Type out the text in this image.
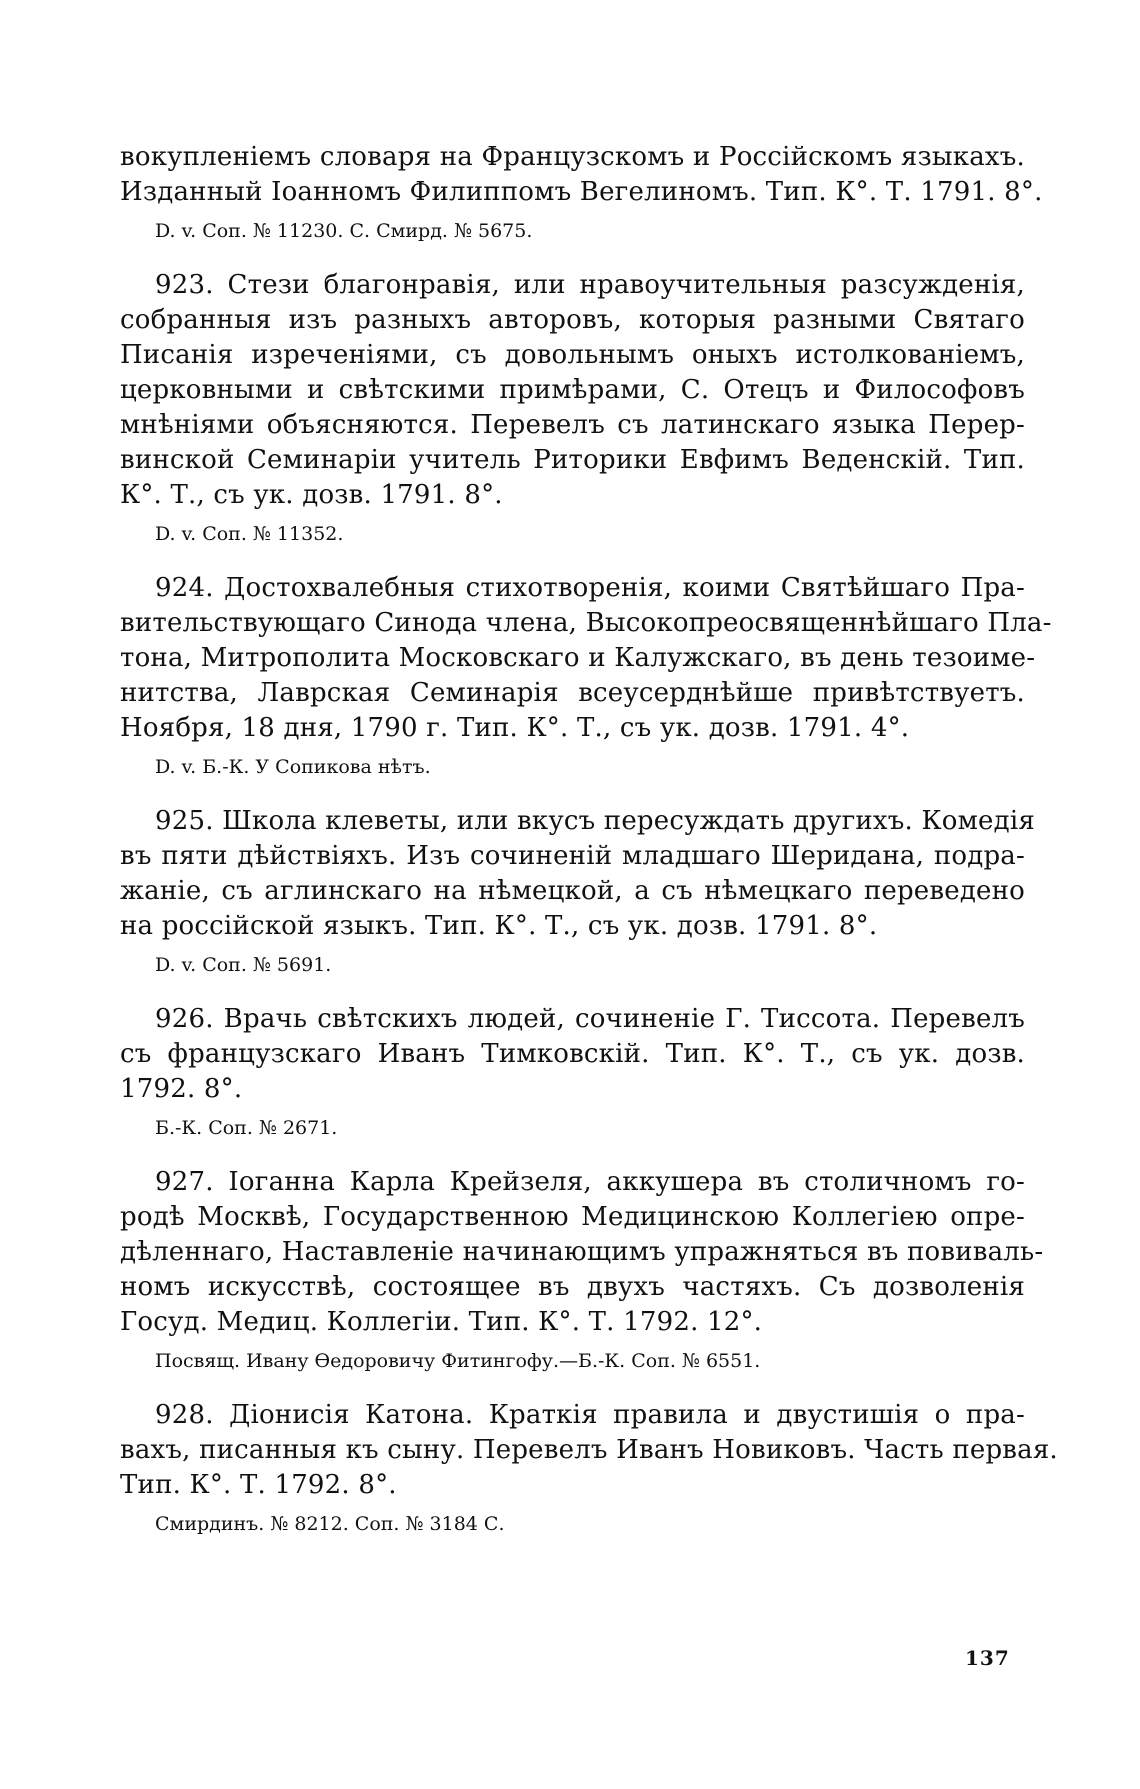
вокупленіемъ словаря на Французскомъ и Россійскомъ языкахъ.
Изданный Іоанномъ Филиппомъ Вегелиномъ. Тип. К°. Т. 1791. 8°.
D. v. Соп. № 11230. С. Смирд. № 5675.
923. Стези благонравія, или нравоучительныя разсужденія,
собранныя изъ разныхъ авторовъ, которыя разными Святаго
Писанія изреченіями, съ довольнымъ оныхъ истолкованіемъ,
церковными и свѣтскими примѣрами, С. Отецъ и Философовъ
мнѣніями объясняются. Перевелъ съ латинскаго языка Перер-
винской Семинаріи учитель Риторики Евфимъ Веденскій. Тип.
К°. Т., съ ук. дозв. 1791. 8°.
D. v. Соп. № 11352.
924. Достохвалебныя стихотворенія, коими Святѣйшаго Пра-
вительствующаго Синода члена, Высокопреосвященнѣйшаго Пла-
тона, Митрополита Московскаго и Калужскаго, въ день тезоиме-
нитства, Лаврская Семинарія всеусерднѣйше привѣтствуетъ.
Ноября, 18 дня, 1790 г. Тип. К°. Т., съ ук. дозв. 1791. 4°.
D. v. Б.-К. У Сопикова нѣтъ.
925. Школа клеветы, или вкусъ пересуждать другихъ. Комедія
въ пяти дѣйствіяхъ. Изъ сочиненій младшаго Шеридана, подра-
жаніе, съ аглинскаго на нѣмецкой, а съ нѣмецкаго переведено
на россійской языкъ. Тип. К°. Т., съ ук. дозв. 1791. 8°.
D. v. Соп. № 5691.
926. Врачь свѣтскихъ людей, сочиненіе Г. Тиссота. Перевелъ
съ французскаго Иванъ Тимковскій. Тип. К°. Т., съ ук. дозв.
1792. 8°.
Б.-К. Соп. № 2671.
927. Іоганна Карла Крейзеля, аккушера въ столичномъ го-
родѣ Москвѣ, Государственною Медицинскою Коллегіею опре-
дѣленнаго, Наставленіе начинающимъ упражняться въ повиваль-
номъ искусствѣ, состоящее въ двухъ частяхъ. Съ дозволенія
Госуд. Медиц. Коллегіи. Тип. К°. Т. 1792. 12°.
Посвящ. Ивану Өедоровичу Фитингофу.—Б.-К. Соп. № 6551.
928. Діонисія Катона. Краткія правила и двустишія о пра-
вахъ, писанныя къ сыну. Перевелъ Иванъ Новиковъ. Часть первая.
Тип. К°. Т. 1792. 8°.
Смирдинъ. № 8212. Соп. № 3184 С.
137
